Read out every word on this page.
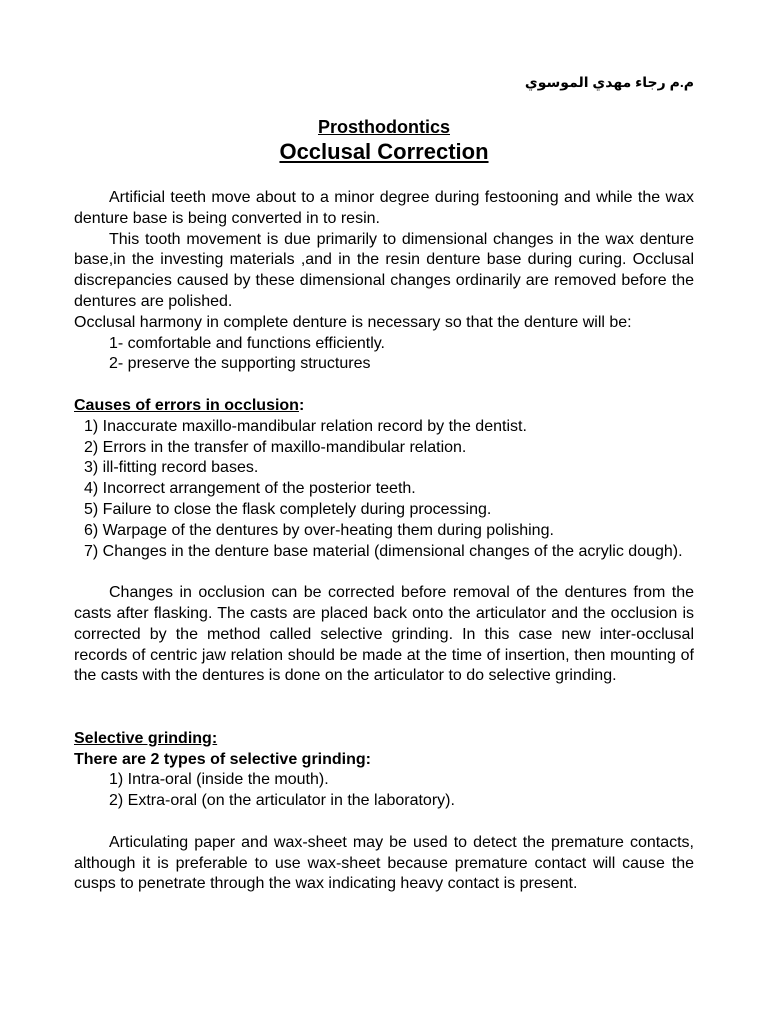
م.م رجاء مهدي الموسوي
Prosthodontics
Occlusal Correction

Artificial teeth move about to a minor degree during festooning and while the wax denture base is being converted in to resin.

This tooth movement is due primarily to dimensional changes in the wax denture base,in the investing materials ,and in the resin denture base during curing. Occlusal discrepancies caused by these dimensional changes ordinarily are removed before the dentures are polished.

Occlusal harmony in complete denture is necessary so that the denture will be:

1- comfortable and functions efficiently.

2- preserve the supporting structures

Causes of errors in occlusion:

1) Inaccurate maxillo-mandibular relation record by the dentist.

2) Errors in the transfer of maxillo-mandibular relation.

3) ill-fitting record bases.

4) Incorrect arrangement of the posterior teeth.

5) Failure to close the flask completely during processing.

6) Warpage of the dentures by over-heating them during polishing.

7) Changes in the denture base material (dimensional changes of the acrylic dough).

Changes in occlusion can be corrected before removal of the dentures from the casts after flasking. The casts are placed back onto the articulator and the occlusion is corrected by the method called selective grinding. In this case new inter-occlusal records of centric jaw relation should be made at the time of insertion, then mounting of the casts with the dentures is done on the articulator to do selective grinding.

Selective grinding:

There are 2 types of selective grinding:

1) Intra-oral (inside the mouth).

2) Extra-oral (on the articulator in the laboratory).

Articulating paper and wax-sheet may be used to detect the premature contacts, although it is preferable to use wax-sheet because premature contact will cause the cusps to penetrate through the wax indicating heavy contact is present.
